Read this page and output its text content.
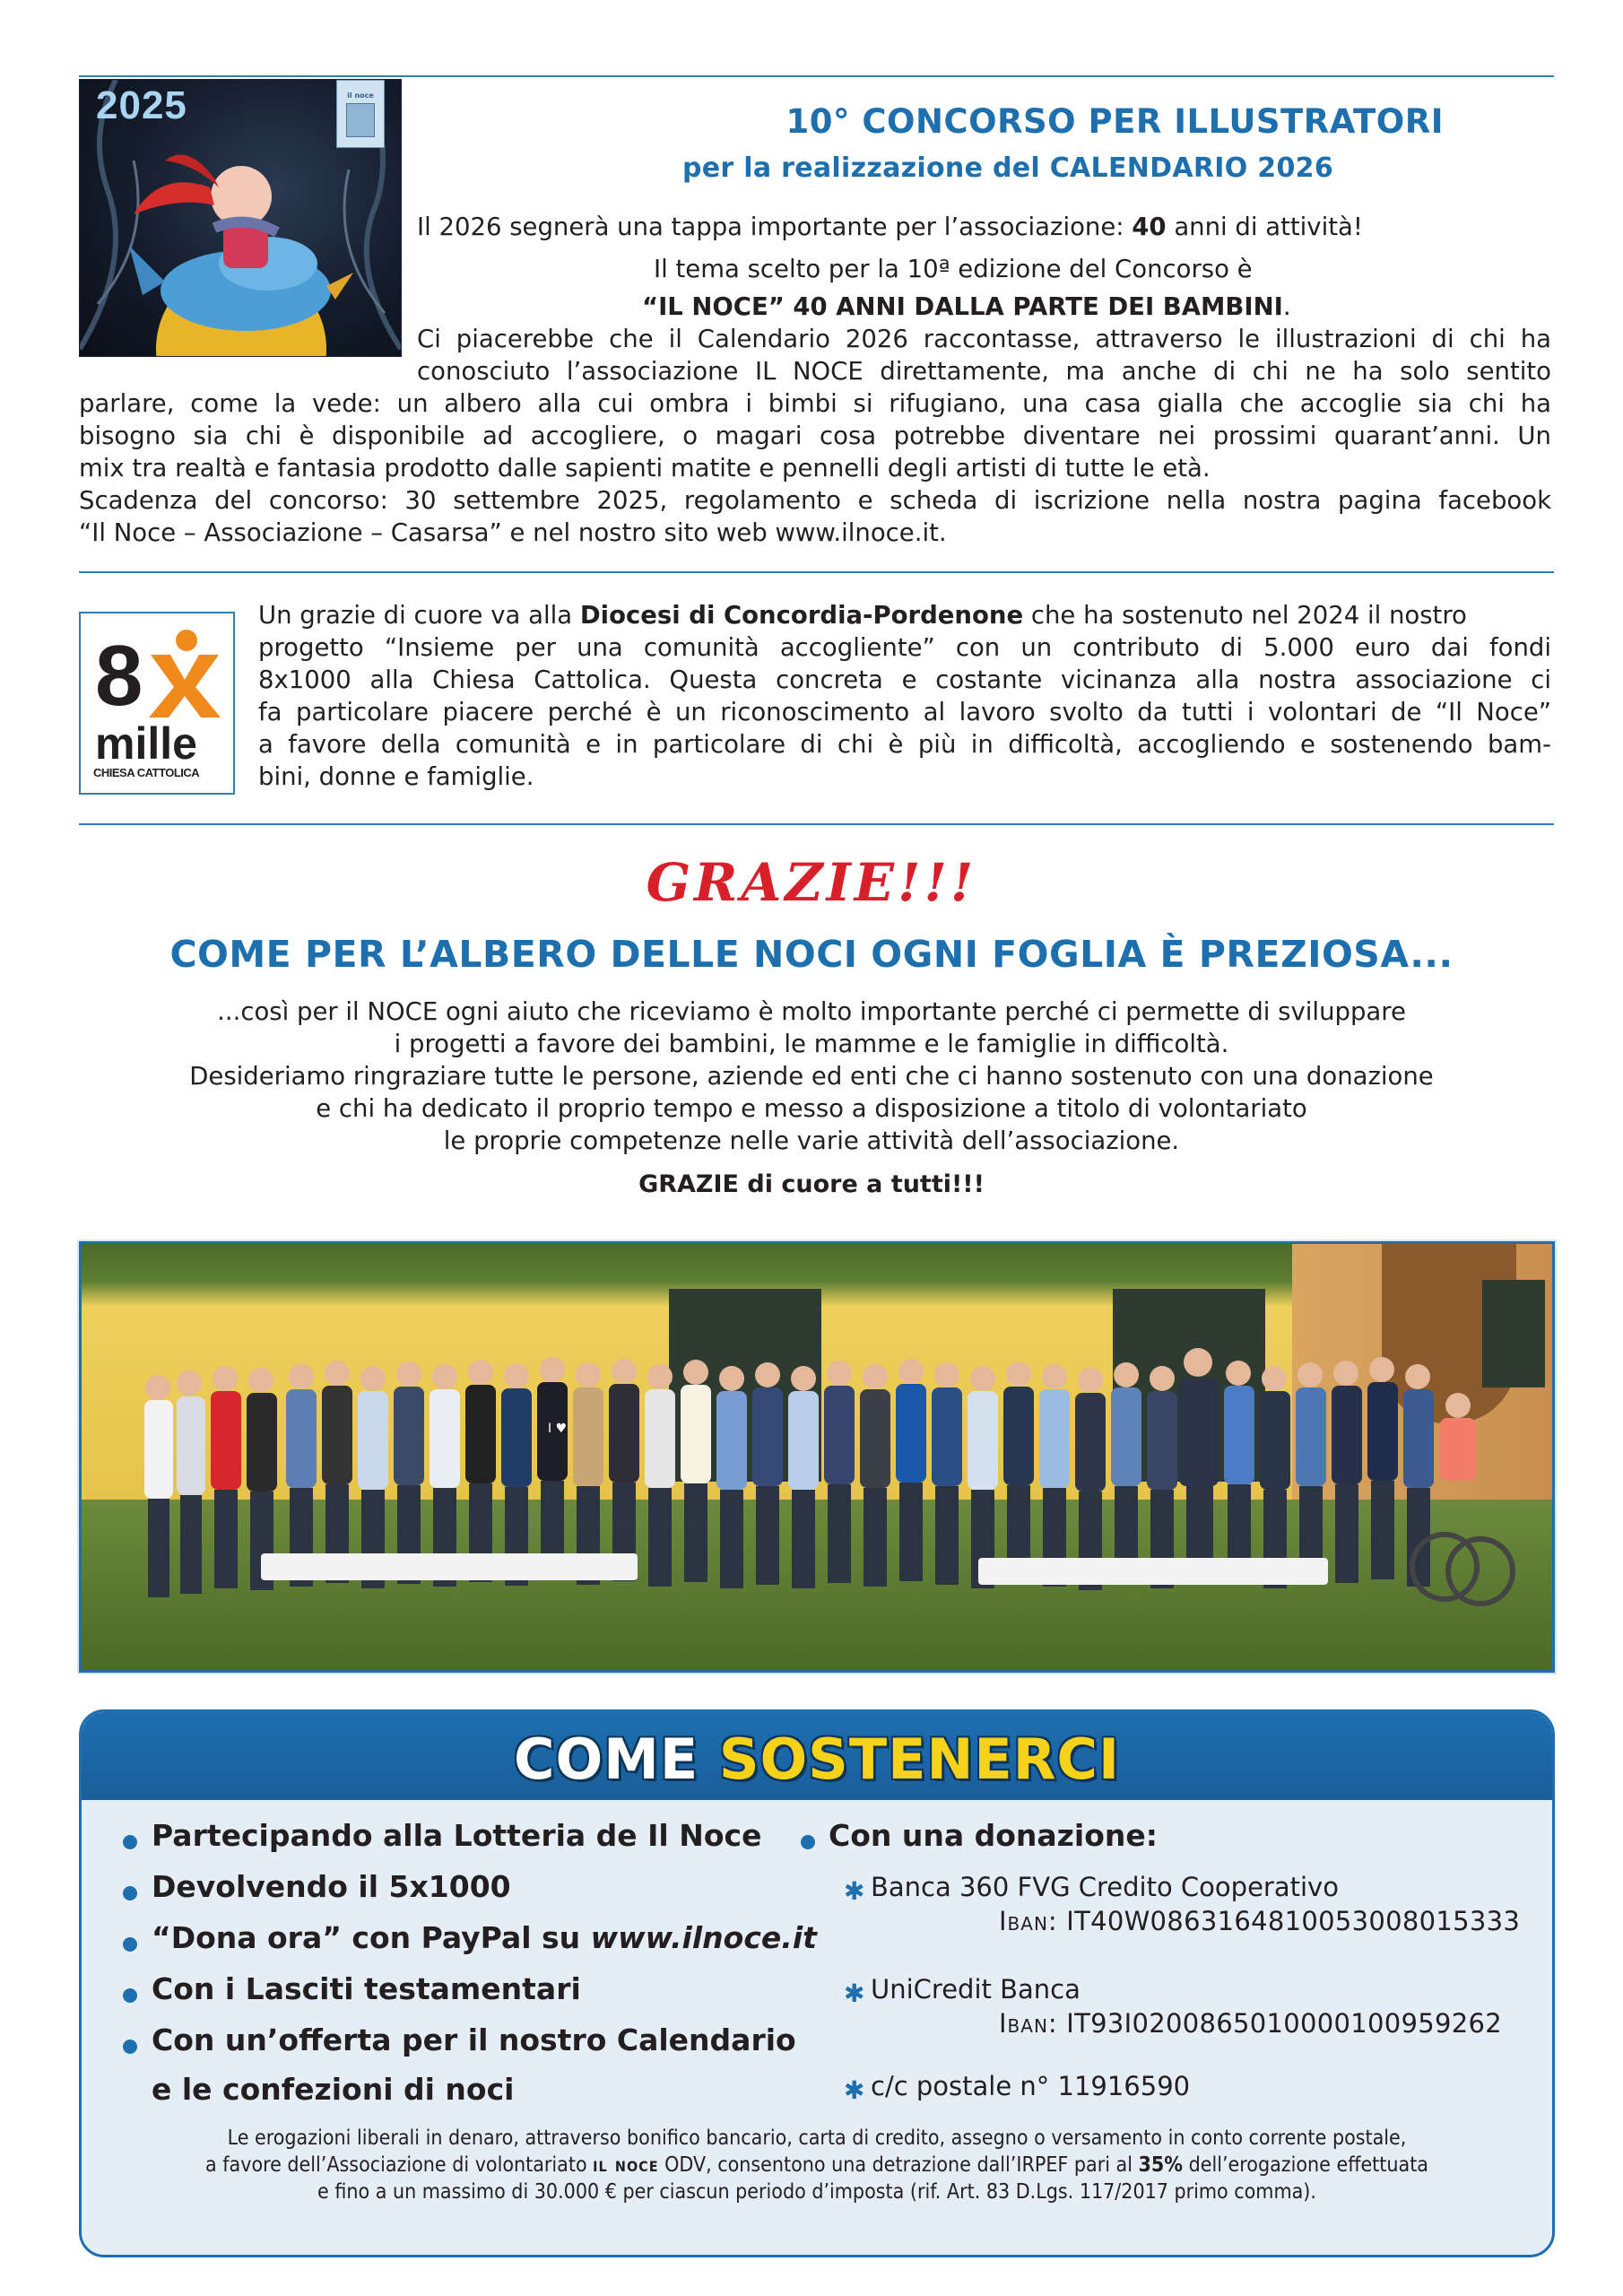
2025	il noce
10° CONCORSO PER ILLUSTRATORI
per la realizzazione del CALENDARIO 2026
Il 2026 segnerà una tappa importante per l’associazione: 40 anni di attività!
Il tema scelto per la 10ª edizione del Concorso è
“IL NOCE” 40 ANNI DALLA PARTE DEI BAMBINI.
Ci piacerebbe che il Calendario 2026 raccontasse, attraverso le illustrazioni di chi ha
conosciuto l’associazione IL NOCE direttamente, ma anche di chi ne ha solo sentito
parlare, come la vede: un albero alla cui ombra i bimbi si rifugiano, una casa gialla che accoglie sia chi ha
bisogno sia chi è disponibile ad accogliere, o magari cosa potrebbe diventare nei prossimi quarant’anni. Un
mix tra realtà e fantasia prodotto dalle sapienti matite e pennelli degli artisti di tutte le età.
Scadenza del concorso: 30 settembre 2025, regolamento e scheda di iscrizione nella nostra pagina facebook
“Il Noce – Associazione – Casarsa” e nel nostro sito web www.ilnoce.it.
8
mille
CHIESA CATTOLICA
Un grazie di cuore va alla Diocesi di Concordia-Pordenone che ha sostenuto nel 2024 il nostro
progetto “Insieme per una comunità accogliente” con un contributo di 5.000 euro dai fondi
8x1000 alla Chiesa Cattolica. Questa concreta e costante vicinanza alla nostra associazione ci
fa particolare piacere perché è un riconoscimento al lavoro svolto da tutti i volontari de “Il Noce”
a favore della comunità e in particolare di chi è più in difficoltà, accogliendo e sostenendo bam-
bini, donne e famiglie.
GRAZIE!!!
COME PER L’ALBERO DELLE NOCI OGNI FOGLIA È PREZIOSA...
...così per il NOCE ogni aiuto che riceviamo è molto importante perché ci permette di sviluppare
i progetti a favore dei bambini, le mamme e le famiglie in difficoltà.
Desideriamo ringraziare tutte le persone, aziende ed enti che ci hanno sostenuto con una donazione
e chi ha dedicato il proprio tempo e messo a disposizione a titolo di volontariato
le proprie competenze nelle varie attività dell’associazione.
GRAZIE di cuore a tutti!!!
I ♥
COME SOSTENERCI
Partecipando alla Lotteria de Il Noce
Devolvendo il 5x1000
“Dona ora” con PayPal su www.ilnoce.it
Con i Lasciti testamentari
Con un’offerta per il nostro Calendario
e le confezioni di noci
Con una donazione:
✱ Banca 360 FVG Credito Cooperativo
Iban: IT40W0863164810053008015333
✱ UniCredit Banca
Iban: IT93I0200865010000100959262
✱ c/c postale n° 11916590
Le erogazioni liberali in denaro, attraverso bonifico bancario, carta di credito, assegno o versamento in conto corrente postale,
a favore dell’Associazione di volontariato il noce ODV, consentono una detrazione dall’IRPEF pari al 35% dell’erogazione effettuata
e fino a un massimo di 30.000 € per ciascun periodo d’imposta (rif. Art. 83 D.Lgs. 117/2017 primo comma).
